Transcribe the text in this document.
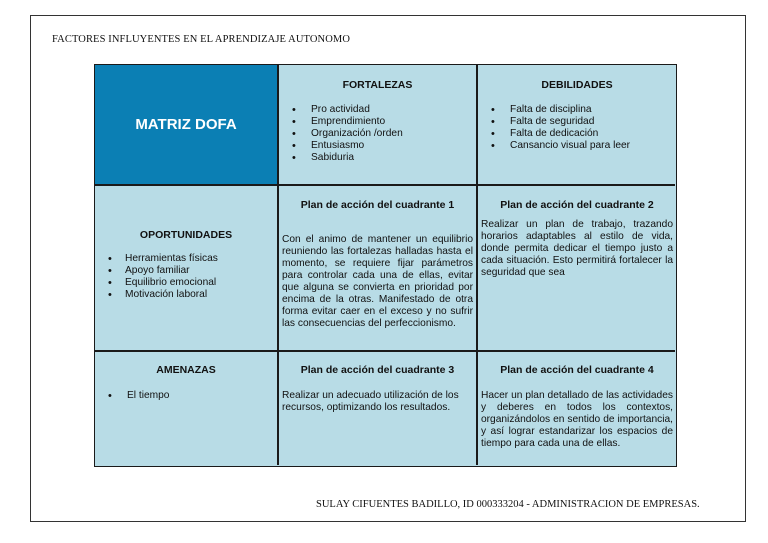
FACTORES INFLUYENTES EN EL APRENDIZAJE AUTONOMO
MATRIZ DOFA
FORTALEZAS
• Pro actividad
• Emprendimiento
• Organización /orden
• Entusiasmo
• Sabiduria
DEBILIDADES
• Falta de disciplina
• Falta de seguridad
• Falta de dedicación
• Cansancio visual para leer
OPORTUNIDADES
• Herramientas físicas
• Apoyo familiar
• Equilibrio emocional
• Motivación laboral
Plan de acción del cuadrante 1
Con el animo de mantener un equilibrio reuniendo las fortalezas halladas hasta el momento, se requiere fijar parámetros para controlar cada una de ellas, evitar que alguna se convierta en prioridad por encima de la otras. Manifestado de otra forma evitar caer en el exceso y no sufrir las consecuencias del perfeccionismo.
Plan de acción del cuadrante 2
Realizar un plan de trabajo, trazando horarios adaptables al estilo de vida, donde permita dedicar el tiempo justo a cada situación. Esto permitirá fortalecer la seguridad que sea
AMENAZAS
• El tiempo
Plan de acción del cuadrante 3
Realizar un adecuado utilización de los recursos, optimizando los resultados.
Plan de acción del cuadrante 4
Hacer un plan detallado de las actividades y deberes en todos los contextos, organizándolos en sentido de importancia, y así lograr estandarizar los espacios de tiempo para cada una de ellas.
SULAY CIFUENTES BADILLO, ID 000333204 - ADMINISTRACION DE EMPRESAS.
